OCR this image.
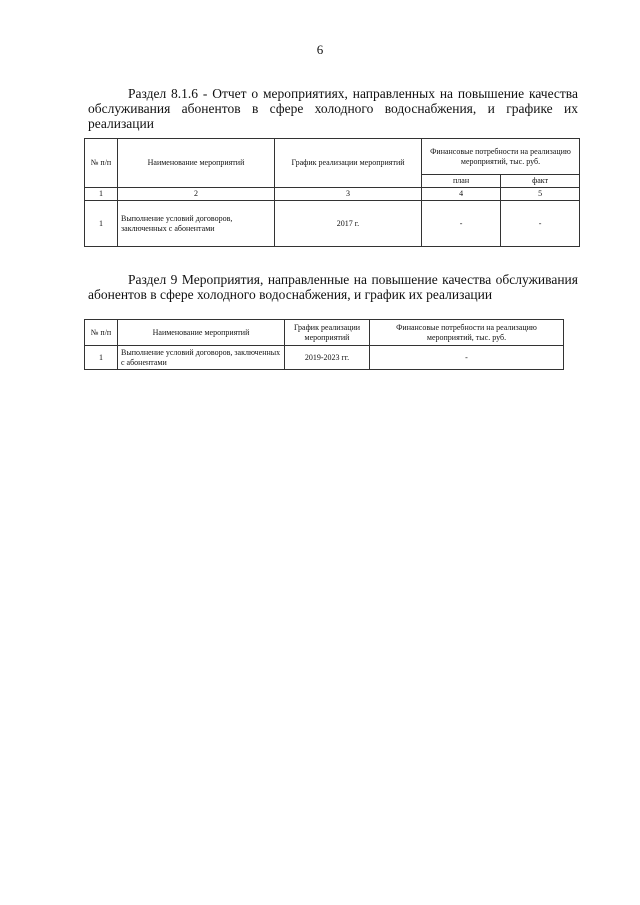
6

Раздел 8.1.6 - Отчет о мероприятиях, направленных на повышение качества обслуживания абонентов в сфере холодного водоснабжения, и графике их реализации

№ п/п	Наименование мероприятий	График реализации мероприятий	Финансовые потребности на реализацию мероприятий, тыс. руб.	
			план	факт
1	2	3	4	5
1	Выполнение условий договоров, заключенных с абонентами	2017 г.	-	-

Раздел 9 Мероприятия, направленные на повышение качества обслуживания абонентов в сфере холодного водоснабжения, и график их реализации

№ п/п	Наименование мероприятий	График реализации мероприятий	Финансовые потребности на реализацию мероприятий, тыс. руб.
1	Выполнение условий договоров, заключенных с абонентами	2019-2023 гг.	-
